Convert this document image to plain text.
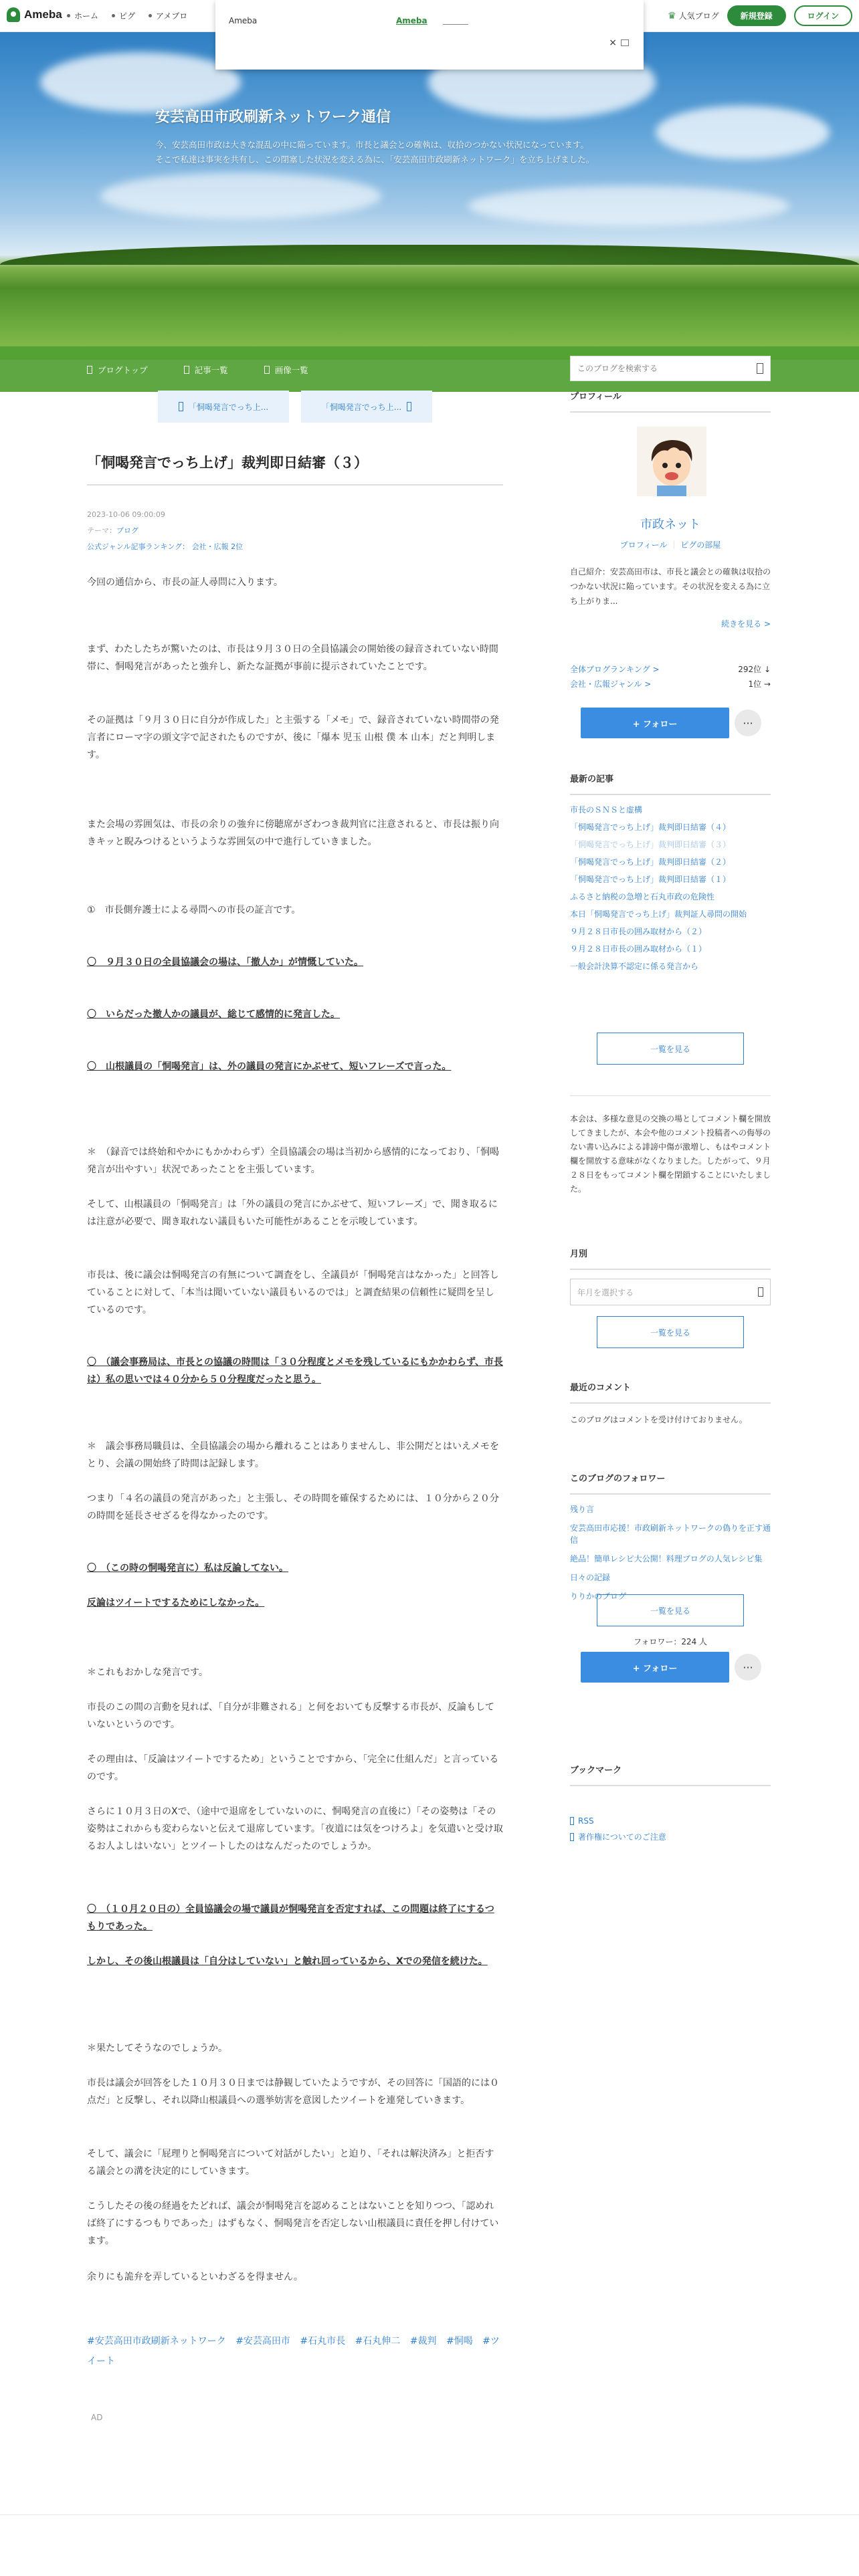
Ameba ホーム	ピグ	アメブロ	♛ 人気ブログ	新規登録	ログイン
Ameba	Ameba
×
安芸高田市政刷新ネットワーク通信
今、安芸高田市政は大きな混乱の中に陥っています。市長と議会との確執は、収拾のつかない状況になっています。
そこで私達は事実を共有し、この閉塞した状況を変える為に、「安芸高田市政刷新ネットワーク」を立ち上げました。
ブログトップ	記事一覧	画像一覧
このブログを検索する
「恫喝発言でっち上...	「恫喝発言でっち上...
「恫喝発言でっち上げ」裁判即日結審（３）
2023-10-06 09:00:09
テーマ：ブログ
公式ジャンル記事ランキング： 会社・広報 2位

今回の通信から、市長の証人尋問に入ります。

まず、わたしたちが驚いたのは、市長は９月３０日の全員協議会の開始後の録音されていない時間帯に、恫喝発言があったと強弁し、新たな証拠が事前に提示されていたことです。

その証拠は「９月３０日に自分が作成した」と主張する「メモ」で、録音されていない時間帯の発言者にローマ字の頭文字で記されたものですが、後に「爆本 児玉 山根 僕 本 山本」だと判明します。

また会場の雰囲気は、市長の余りの強弁に傍聴席がざわつき裁判官に注意されると、市長は振り向きキッと睨みつけるというような雰囲気の中で進行していきました。

①　市長側弁護士による尋問への市長の証言です。

〇　９月３０日の全員協議会の場は、「撤人か」が情慨していた。

〇　いらだった撤人かの議員が、総じて感情的に発言した。

〇　山根議員の「恫喝発言」は、外の議員の発言にかぶせて、短いフレーズで言った。

＊　（録音では終始和やかにもかかわらず）全員協議会の場は当初から感情的になっており、「恫喝発言が出やすい」状況であったことを主張しています。

そして、山根議員の「恫喝発言」は「外の議員の発言にかぶせて、短いフレーズ」で、聞き取るには注意が必要で、聞き取れない議員もいた可能性があることを示唆しています。

市長は、後に議会は恫喝発言の有無について調査をし、全議員が「恫喝発言はなかった」と回答していることに対して、「本当は聞いていない議員もいるのでは」と調査結果の信頼性に疑問を呈しているのです。

〇　（議会事務局は、市長との協議の時間は「３０分程度とメモを残しているにもかかわらず、市長は）私の思いでは４０分から５０分程度だったと思う。

＊　議会事務局職員は、全員協議会の場から離れることはありませんし、非公開だとはいえメモをとり、会議の開始終了時間は記録します。

つまり「４名の議員の発言があった」と主張し、その時間を確保するためには、１０分から２０分の時間を延長させざるを得なかったのです。

〇　（この時の恫喝発言に）私は反論してない。

反論はツイートでするためにしなかった。

＊これもおかしな発言です。

市長のこの間の言動を見れば、「自分が非難される」と何をおいても反撃する市長が、反論もしていないというのです。

その理由は、「反論はツイートでするため」ということですから、「完全に仕組んだ」と言っているのです。

さらに１０月３日のXで、（途中で退席をしていないのに、恫喝発言の直後に）「その姿勢は「その姿勢はこれからも変わらないと伝えて退席しています。「夜道には気をつけろよ」を気遣いと受け取るお人よしはいない」とツイートしたのはなんだったのでしょうか。

〇　（１０月２０日の）全員協議会の場で議員が恫喝発言を否定すれば、この問題は終了にするつもりであった。

しかし、その後山根議員は「自分はしていない」と触れ回っているから、Xでの発信を続けた。

＊果たしてそうなのでしょうか。

市長は議会が回答をした１０月３０日までは静観していたようですが、その回答に「国語的には０点だ」と反撃し、それ以降山根議員への選挙妨害を意図したツイートを連発していきます。

そして、議会に「屁理りと恫喝発言について対話がしたい」と迫り、「それは解決済み」と拒否する議会との溝を決定的にしていきます。

こうしたその後の経過をたどれば、議会が恫喝発言を認めることはないことを知りつつ、「認めれば終了にするつもりであった」はずもなく、恫喝発言を否定しない山根議員に責任を押し付けています。

余りにも詭弁を弄しているといわざるを得ません。

#安芸高田市政刷新ネットワーク #安芸高田市 #石丸市長 #石丸伸二 #裁判 #恫喝 #ツイート
AD
プロフィール
市政ネット
プロフィール ｜ ピグの部屋
自己紹介：安芸高田市は、市長と議会との確執は収拾のつかない状況に陥っています。その状況を変える為に立ち上がりま...
続きを見る >
全体ブログランキング >	292位 ↓
会社・広報ジャンル >	1位 →
+ フォロー	···
最新の記事
市長のＳＮＳと虚構
「恫喝発言でっち上げ」裁判即日結審（４）
「恫喝発言でっち上げ」裁判即日結審（３）
「恫喝発言でっち上げ」裁判即日結審（２）
「恫喝発言でっち上げ」裁判即日結審（１）
ふるさと納税の急増と石丸市政の危険性
本日「恫喝発言でっち上げ」裁判証人尋問の開始
９月２８日市長の囲み取材から（２）
９月２８日市長の囲み取材から（１）
一般会計決算不認定に係る発言から
一覧を見る
本会は、多様な意見の交換の場としてコメント欄を開放してきましたが、本会や他のコメント投稿者への侮辱のない書い込みによる誹謗中傷が激増し、もはやコメント欄を開放する意味がなくなりました。したがって、９月２８日をもってコメント欄を閉鎖することにいたしました。
月別
年月を選択する
一覧を見る
最近のコメント
このブログはコメントを受け付けておりません。
このブログのフォロワー
残り言
安芸高田市応援！市政刷新ネットワークの偽りを正す通信
絶品！簡単レシピ大公開！料理ブログの人気レシピ集
日々の記録
りりかのブログ
一覧を見る
フォロワー：224 人
+ フォロー	···
ブックマーク
RSS
著作権についてのご注意
